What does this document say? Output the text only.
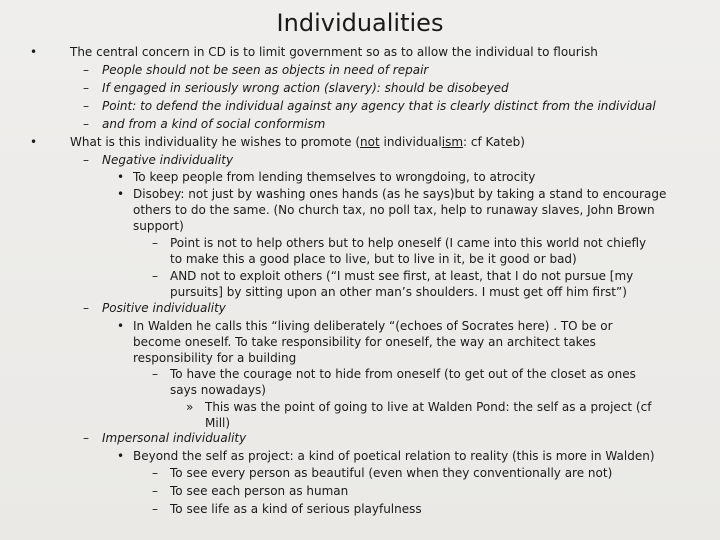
Individualities
•	The central concern in CD is to limit government so as to allow the individual to flourish
– People should not be seen as objects in need of repair
– If engaged in seriously wrong action (slavery): should be disobeyed
– Point: to defend the individual against any agency that is clearly distinct from the individual
– and from a kind of social conformism
•	What is this individuality he wishes to promote (not individualism: cf Kateb)
– Negative individuality
• To keep people from lending themselves to wrongdoing, to atrocity
• Disobey: not just by washing ones hands (as he says)but by taking a stand to encourage
others to do the same. (No church tax, no poll tax, help to runaway slaves, John Brown
support)
– Point is not to help others but to help oneself (I came into this world not chiefly
to make this a good place to live, but to live in it, be it good or bad)
– AND not to exploit others (“I must see first, at least, that I do not pursue [my
pursuits] by sitting upon an other man’s shoulders. I must get off him first”)
– Positive individuality
• In Walden he calls this “living deliberately “(echoes of Socrates here) . TO be or
become oneself. To take responsibility for oneself, the way an architect takes
responsibility for a building
– To have the courage not to hide from oneself (to get out of the closet as ones
says nowadays)
» This was the point of going to live at Walden Pond: the self as a project (cf
Mill)
– Impersonal individuality
• Beyond the self as project: a kind of poetical relation to reality (this is more in Walden)
– To see every person as beautiful (even when they conventionally are not)
– To see each person as human
– To see life as a kind of serious playfulness
